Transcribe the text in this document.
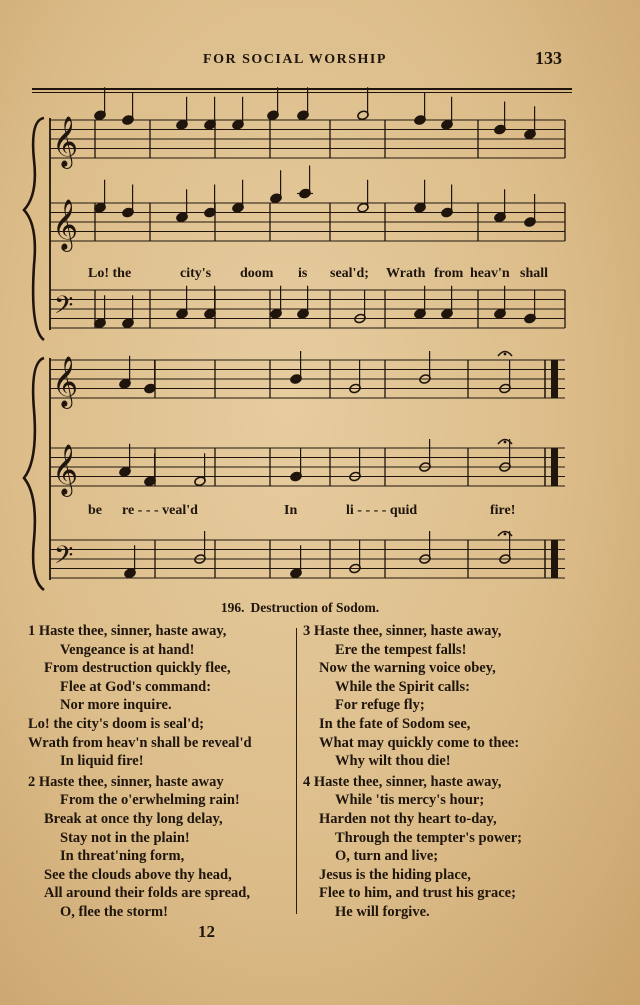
FOR SOCIAL WORSHIP	133
𝄞
𝄞
𝄢
𝄞
𝄞
𝄢
Lo! the	city's doom is seal'd; Wrath from heav'n shall
be re - - - veal'd	In	li - - - - quid	fire!
196. Destruction of Sodom.
1 Haste thee, sinner, haste away,
Vengeance is at hand!
From destruction quickly flee,
Flee at God's command:
Nor more inquire.
Lo! the city's doom is seal'd;
Wrath from heav'n shall be reveal'd
In liquid fire!
2 Haste thee, sinner, haste away
From the o'erwhelming rain!
Break at once thy long delay,
Stay not in the plain!
In threat'ning form,
See the clouds above thy head,
All around their folds are spread,
O, flee the storm!
3 Haste thee, sinner, haste away,
Ere the tempest falls!
Now the warning voice obey,
While the Spirit calls:
For refuge fly;
In the fate of Sodom see,
What may quickly come to thee:
Why wilt thou die!
4 Haste thee, sinner, haste away,
While 'tis mercy's hour;
Harden not thy heart to-day,
Through the tempter's power;
O, turn and live;
Jesus is the hiding place,
Flee to him, and trust his grace;
He will forgive.
12
